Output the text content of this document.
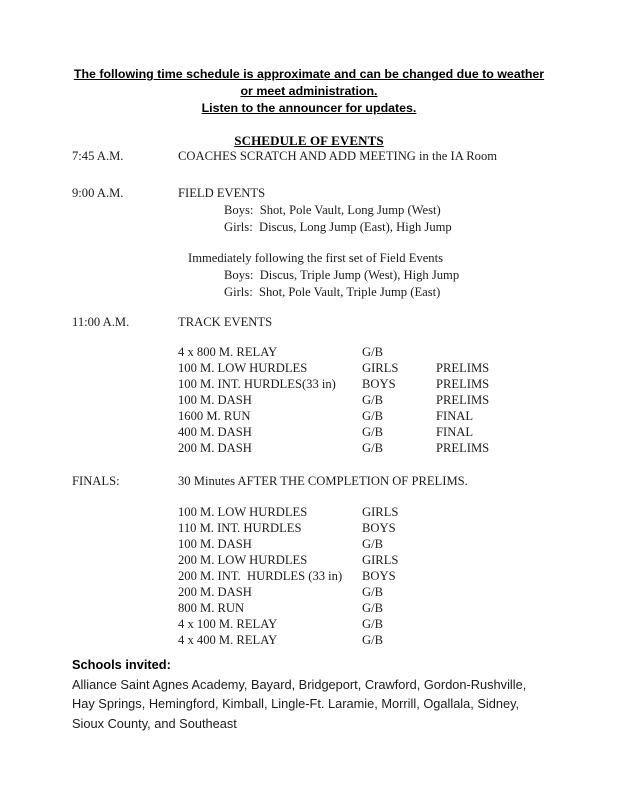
The following time schedule is approximate and can be changed due to weather
or meet administration.
Listen to the announcer for updates.
SCHEDULE OF EVENTS
7:45 A.M.	COACHES SCRATCH AND ADD MEETING in the IA Room
9:00 A.M.	FIELD EVENTS
Boys:  Shot, Pole Vault, Long Jump (West)
Girls:  Discus, Long Jump (East), High Jump
Immediately following the first set of Field Events
Boys:  Discus, Triple Jump (West), High Jump
Girls:  Shot, Pole Vault, Triple Jump (East)
11:00 A.M.	TRACK EVENTS
4 x 800 M. RELAY	G/B	
100 M. LOW HURDLES	GIRLS	PRELIMS
100 M. INT. HURDLES(33 in)	BOYS	PRELIMS
100 M. DASH	G/B	PRELIMS
1600 M. RUN	G/B	FINAL
400 M. DASH	G/B	FINAL
200 M. DASH	G/B	PRELIMS
FINALS:	30 Minutes AFTER THE COMPLETION OF PRELIMS.
100 M. LOW HURDLES	GIRLS
110 M. INT. HURDLES	BOYS
100 M. DASH	G/B
200 M. LOW HURDLES	GIRLS
200 M. INT.  HURDLES (33 in)	BOYS
200 M. DASH	G/B
800 M. RUN	G/B
4 x 100 M. RELAY	G/B
4 x 400 M. RELAY	G/B
Schools invited:
Alliance Saint Agnes Academy, Bayard, Bridgeport, Crawford, Gordon-Rushville, Hay Springs, Hemingford, Kimball, Lingle-Ft. Laramie, Morrill, Ogallala, Sidney, Sioux County, and Southeast
